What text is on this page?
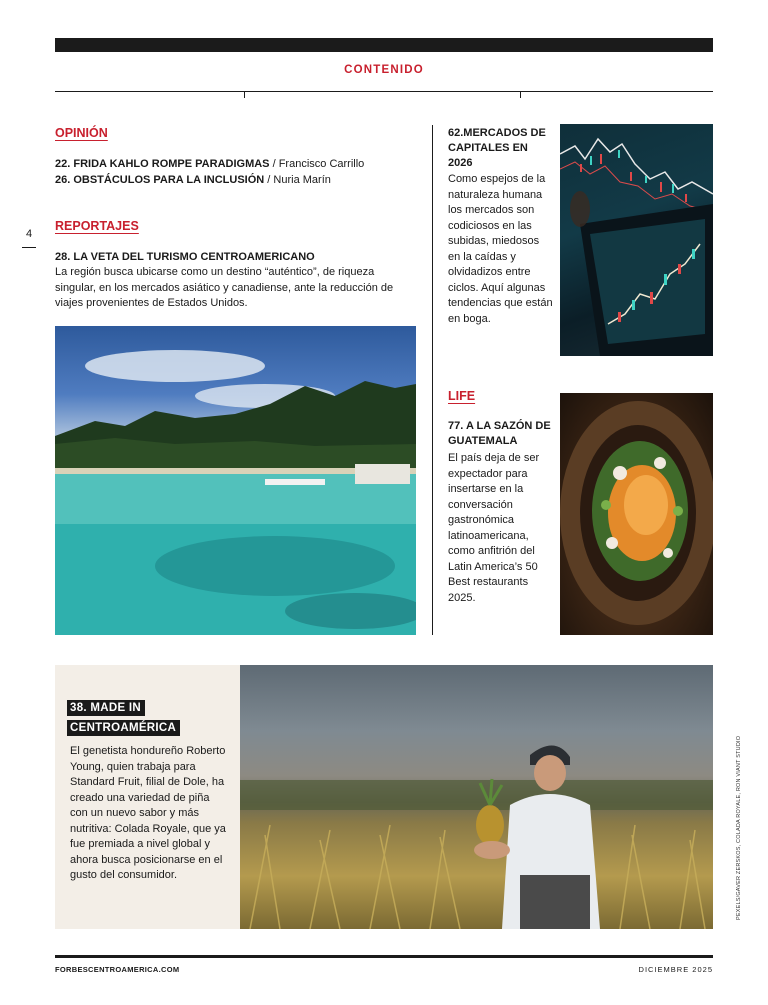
CONTENIDO
4
OPINIÓN
22. FRIDA KAHLO ROMPE PARADIGMAS / Francisco Carrillo
26. OBSTÁCULOS PARA LA INCLUSIÓN / Nuria Marín
REPORTAJES
28. LA VETA DEL TURISMO CENTROAMERICANO
La región busca ubicarse como un destino “auténtico”, de riqueza singular, en los mercados asiático y canadiense, ante la reducción de viajes provenientes de Estados Unidos.
62.MERCADOS DE CAPITALES EN 2026
Como espejos de la naturaleza humana los mercados son codiciosos en las subidas, miedosos en la caídas y olvidadizos entre ciclos. Aquí algunas tendencias que están en boga.
LIFE
77. A LA SAZÓN DE GUATEMALA
El país deja de ser expectador para insertarse en la conversación gastronómica latinoamericana, como anfitrión del Latin America’s 50 Best restaurants 2025.
38. MADE IN
CENTROAMÉRICA
El genetista hondureño Roberto Young, quien trabaja para Standard Fruit, filial de Dole, ha creado una variedad de piña con un nuevo sabor y más nutritiva: Colada Royale, que ya fue premiada a nivel global y ahora busca posicionarse en el gusto del consumidor.	PEXELS/GAVER ZERSKOS, COLADA ROYALE, RON VIANT STUDIO
FORBESCENTROAMERICA.COM	DICIEMBRE 2025
